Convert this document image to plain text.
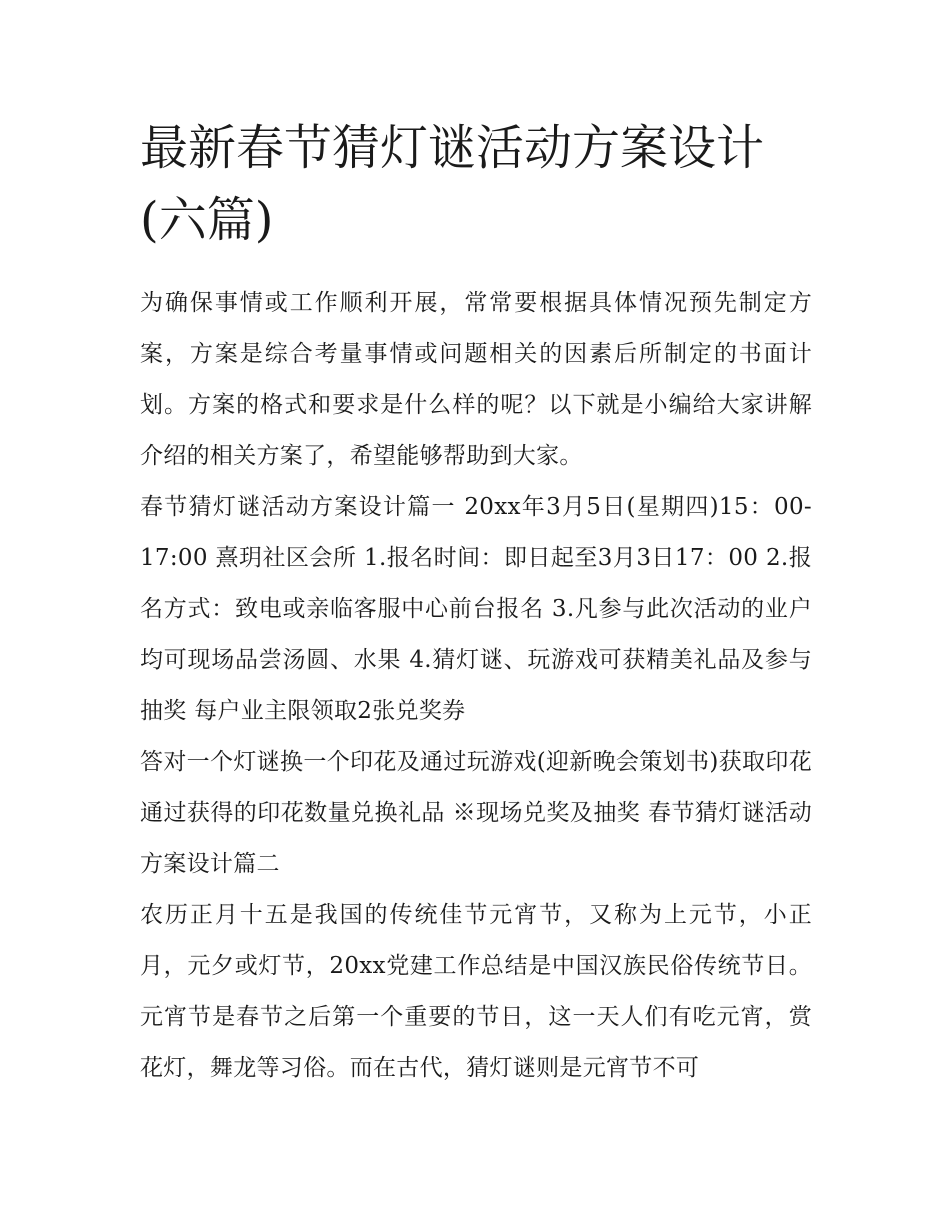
最新春节猜灯谜活动方案设计(六篇)

为确保事情或工作顺利开展，常常要根据具体情况预先制定方案，方案是综合考量事情或问题相关的因素后所制定的书面计划。方案的格式和要求是什么样的呢？以下就是小编给大家讲解介绍的相关方案了，希望能够帮助到大家。

春节猜灯谜活动方案设计篇一 20xx年3月5日(星期四)15：00-17:00 熹玥社区会所 1.报名时间：即日起至3月3日17：00 2.报名方式：致电或亲临客服中心前台报名 3.凡参与此次活动的业户均可现场品尝汤圆、水果 4.猜灯谜、玩游戏可获精美礼品及参与抽奖 每户业主限领取2张兑奖券

答对一个灯谜换一个印花及通过玩游戏(迎新晚会策划书)获取印花 通过获得的印花数量兑换礼品 ※现场兑奖及抽奖 春节猜灯谜活动方案设计篇二

农历正月十五是我国的传统佳节元宵节，又称为上元节，小正月，元夕或灯节，20xx党建工作总结是中国汉族民俗传统节日。元宵节是春节之后第一个重要的节日，这一天人们有吃元宵，赏花灯，舞龙等习俗。而在古代，猜灯谜则是元宵节不可
